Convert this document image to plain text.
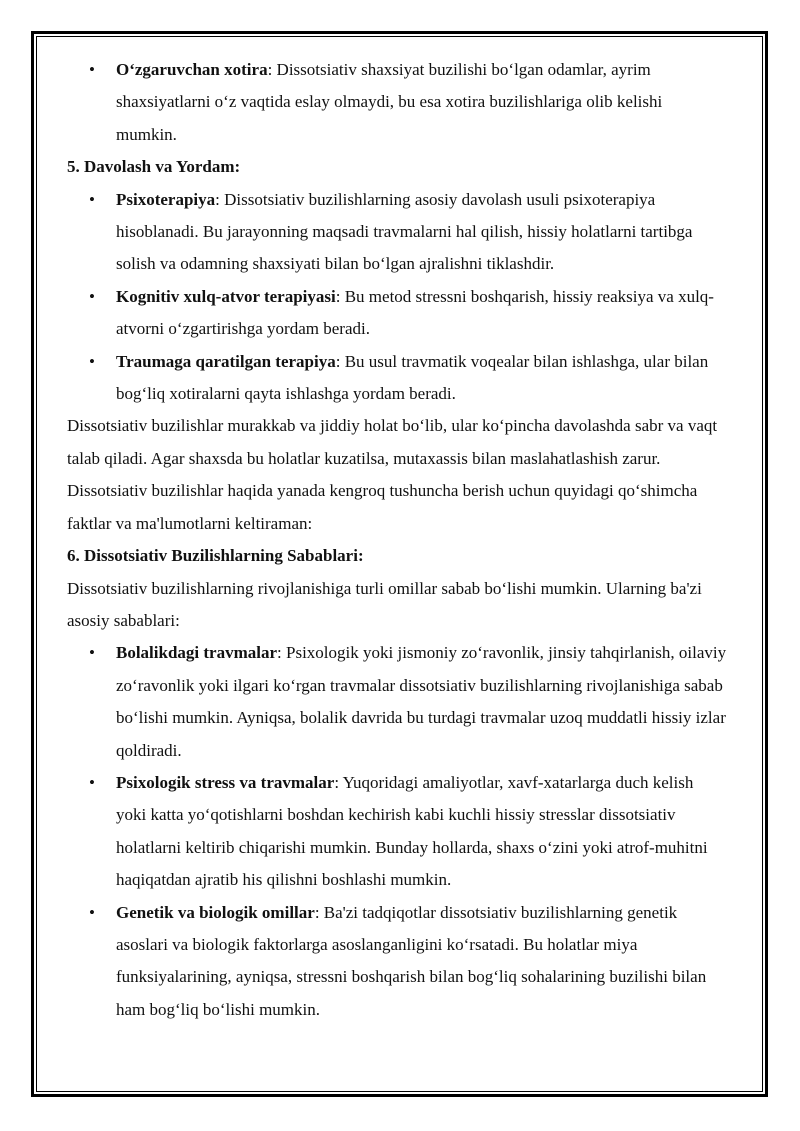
• O‘zgaruvchan xotira: Dissotsiativ shaxsiyat buzilishi bo‘lgan odamlar, ayrim shaxsiyatlarni o‘z vaqtida eslay olmaydi, bu esa xotira buzilishlariga olib kelishi mumkin.

5. Davolash va Yordam:

• Psixoterapiya: Dissotsiativ buzilishlarning asosiy davolash usuli psixoterapiya hisoblanadi. Bu jarayonning maqsadi travmalarni hal qilish, hissiy holatlarni tartibga solish va odamning shaxsiyati bilan bo‘lgan ajralishni tiklashdir.
• Kognitiv xulq-atvor terapiyasi: Bu metod stressni boshqarish, hissiy reaksiya va xulq-atvorni o‘zgartirishga yordam beradi.
• Traumaga qaratilgan terapiya: Bu usul travmatik voqealar bilan ishlashga, ular bilan bog‘liq xotiralarni qayta ishlashga yordam beradi.

Dissotsiativ buzilishlar murakkab va jiddiy holat bo‘lib, ular ko‘pincha davolashda sabr va vaqt talab qiladi. Agar shaxsda bu holatlar kuzatilsa, mutaxassis bilan maslahatlashish zarur.

Dissotsiativ buzilishlar haqida yanada kengroq tushuncha berish uchun quyidagi qo‘shimcha faktlar va ma'lumotlarni keltiraman:

6. Dissotsiativ Buzilishlarning Sabablari:

Dissotsiativ buzilishlarning rivojlanishiga turli omillar sabab bo‘lishi mumkin. Ularning ba'zi asosiy sabablari:

• Bolalikdagi travmalar: Psixologik yoki jismoniy zo‘ravonlik, jinsiy tahqirlanish, oilaviy zo‘ravonlik yoki ilgari ko‘rgan travmalar dissotsiativ buzilishlarning rivojlanishiga sabab bo‘lishi mumkin. Ayniqsa, bolalik davrida bu turdagi travmalar uzoq muddatli hissiy izlar qoldiradi.
• Psixologik stress va travmalar: Yuqoridagi amaliyotlar, xavf-xatarlarga duch kelish yoki katta yo‘qotishlarni boshdan kechirish kabi kuchli hissiy stresslar dissotsiativ holatlarni keltirib chiqarishi mumkin. Bunday hollarda, shaxs o‘zini yoki atrof-muhitni haqiqatdan ajratib his qilishni boshlashi mumkin.
• Genetik va biologik omillar: Ba'zi tadqiqotlar dissotsiativ buzilishlarning genetik asoslari va biologik faktorlarga asoslanganligini ko‘rsatadi. Bu holatlar miya funksiyalarining, ayniqsa, stressni boshqarish bilan bog‘liq sohalarining buzilishi bilan ham bog‘liq bo‘lishi mumkin.
